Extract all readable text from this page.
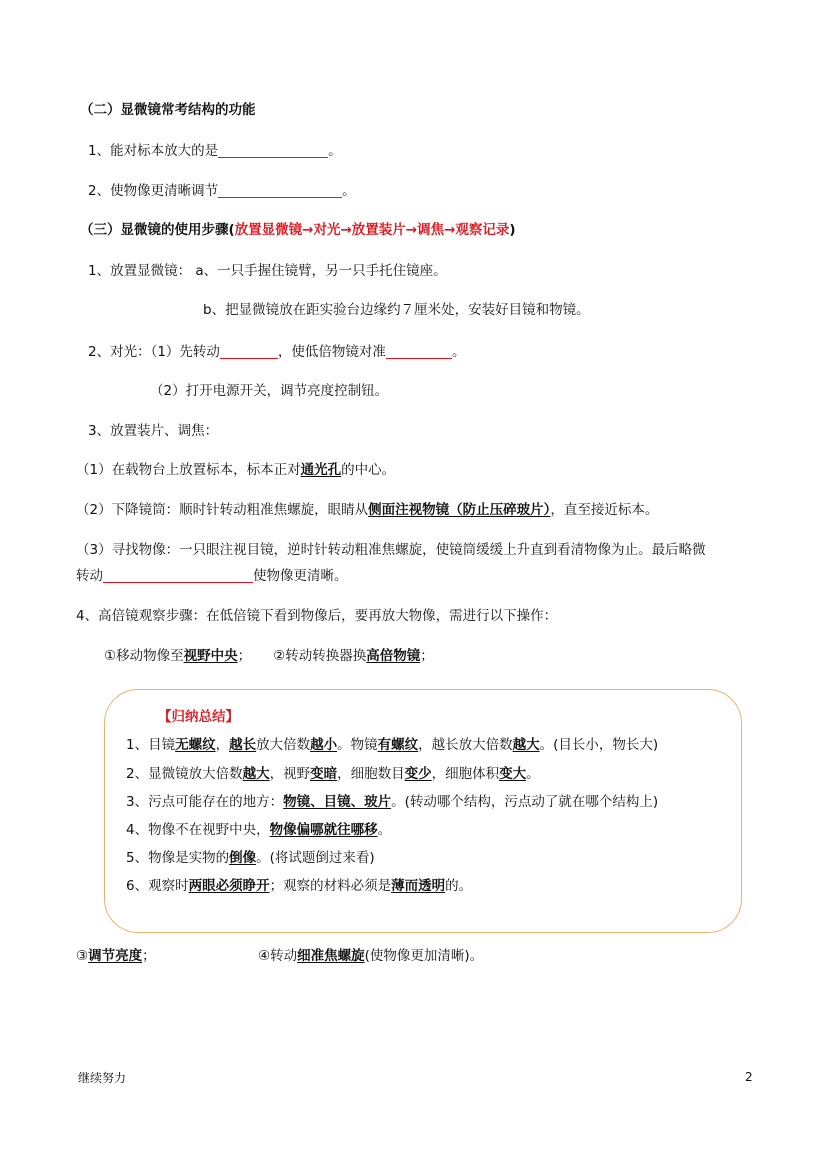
（二）显微镜常考结构的功能
1、能对标本放大的是	。
2、使物像更清晰调节	。
（三）显微镜的使用步骤(放置显微镜→对光→放置装片→调焦→观察记录)
1、放置显微镜： a、一只手握住镜臂，另一只手托住镜座。
b、把显微镜放在距实验台边缘约７厘米处，安装好目镜和物镜。
2、对光：（1）先转动	，使低倍物镜对准	。
（2）打开电源开关，调节亮度控制钮。
3、放置装片、调焦：
（1）在载物台上放置标本，标本正对通光孔的中心。
（2）下降镜筒：顺时针转动粗准焦螺旋，眼睛从侧面注视物镜（防止压碎玻片），直至接近标本。
（3）寻找物像：一只眼注视目镜，逆时针转动粗准焦螺旋，使镜筒缓缓上升直到看清物像为止。最后略微
转动	使物像更清晰。
4、高倍镜观察步骤：在低倍镜下看到物像后，要再放大物像，需进行以下操作：
①移动物像至视野中央； ②转动转换器换高倍物镜；
【归纳总结】
1、目镜无螺纹，越长放大倍数越小。物镜有螺纹，越长放大倍数越大。(目长小，物长大)
2、显微镜放大倍数越大，视野变暗，细胞数目变少，细胞体积变大。
3、污点可能存在的地方：物镜、目镜、玻片。(转动哪个结构，污点动了就在哪个结构上)
4、物像不在视野中央，物像偏哪就往哪移。
5、物像是实物的倒像。(将试题倒过来看)
6、观察时两眼必须睁开；观察的材料必须是薄而透明的。
③调节亮度；	④转动细准焦螺旋(使物像更加清晰)。
继续努力	2
